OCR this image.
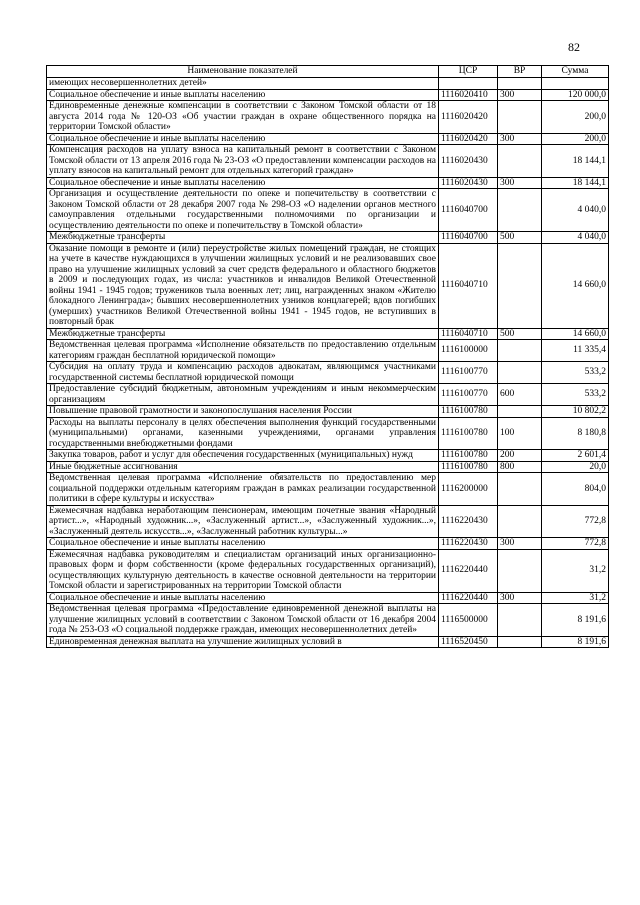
82
Наименование показателей	ЦСР	ВР	Сумма
имеющих несовершеннолетних детей»			
Социальное обеспечение и иные выплаты населению	1116020410	300	120 000,0
Единовременные денежные компенсации в соответствии с Законом Томской области от 18 августа 2014 года № 120-ОЗ «Об участии граждан в охране общественного порядка на территории Томской области»	1116020420		200,0
Социальное обеспечение и иные выплаты населению	1116020420	300	200,0
Компенсация расходов на уплату взноса на капитальный ремонт в соответствии с Законом Томской области от 13 апреля 2016 года № 23-ОЗ «О предоставлении компенсации расходов на уплату взносов на капитальный ремонт для отдельных категорий граждан»	1116020430		18 144,1
Социальное обеспечение и иные выплаты населению	1116020430	300	18 144,1
Организация и осуществление деятельности по опеке и попечительству в соответствии с Законом Томской области от 28 декабря 2007 года № 298-ОЗ «О наделении органов местного самоуправления отдельными государственными полномочиями по организации и осуществлению деятельности по опеке и попечительству в Томской области»	1116040700		4 040,0
Межбюджетные трансферты	1116040700	500	4 040,0
Оказание помощи в ремонте и (или) переустройстве жилых помещений граждан, не стоящих на учете в качестве нуждающихся в улучшении жилищных условий и не реализовавших свое право на улучшение жилищных условий за счет средств федерального и областного бюджетов в 2009 и последующих годах, из числа: участников и инвалидов Великой Отечественной войны 1941 - 1945 годов; тружеников тыла военных лет; лиц, награжденных знаком «Жителю блокадного Ленинграда»; бывших несовершеннолетних узников концлагерей; вдов погибших (умерших) участников Великой Отечественной войны 1941 - 1945 годов, не вступивших в повторный брак	1116040710		14 660,0
Межбюджетные трансферты	1116040710	500	14 660,0
Ведомственная целевая программа «Исполнение обязательств по предоставлению отдельным категориям граждан бесплатной юридической помощи»	1116100000		11 335,4
Субсидия на оплату труда и компенсацию расходов адвокатам, являющимся участниками государственной системы бесплатной юридической помощи	1116100770		533,2
Предоставление субсидий бюджетным, автономным учреждениям и иным некоммерческим организациям	1116100770	600	533,2
Повышение правовой грамотности и законопослушания населения России	1116100780		10 802,2
Расходы на выплаты персоналу в целях обеспечения выполнения функций государственными (муниципальными) органами, казенными учреждениями, органами управления государственными внебюджетными фондами	1116100780	100	8 180,8
Закупка товаров, работ и услуг для обеспечения государственных (муниципальных) нужд	1116100780	200	2 601,4
Иные бюджетные ассигнования	1116100780	800	20,0
Ведомственная целевая программа «Исполнение обязательств по предоставлению мер социальной поддержки отдельным категориям граждан в рамках реализации государственной политики в сфере культуры и искусства»	1116200000		804,0
Ежемесячная надбавка неработающим пенсионерам, имеющим почетные звания «Народный артист...», «Народный художник...», «Заслуженный артист...», «Заслуженный художник...», «Заслуженный деятель искусств...», «Заслуженный работник культуры...»	1116220430		772,8
Социальное обеспечение и иные выплаты населению	1116220430	300	772,8
Ежемесячная надбавка руководителям и специалистам организаций иных организационно-правовых форм и форм собственности (кроме федеральных государственных организаций), осуществляющих культурную деятельность в качестве основной деятельности на территории Томской области и зарегистрированных на территории Томской области	1116220440		31,2
Социальное обеспечение и иные выплаты населению	1116220440	300	31,2
Ведомственная целевая программа «Предоставление единовременной денежной выплаты на улучшение жилищных условий в соответствии с Законом Томской области от 16 декабря 2004 года № 253-ОЗ «О социальной поддержке граждан, имеющих несовершеннолетних детей»	1116500000		8 191,6
Единовременная денежная выплата на улучшение жилищных условий в	1116520450		8 191,6
